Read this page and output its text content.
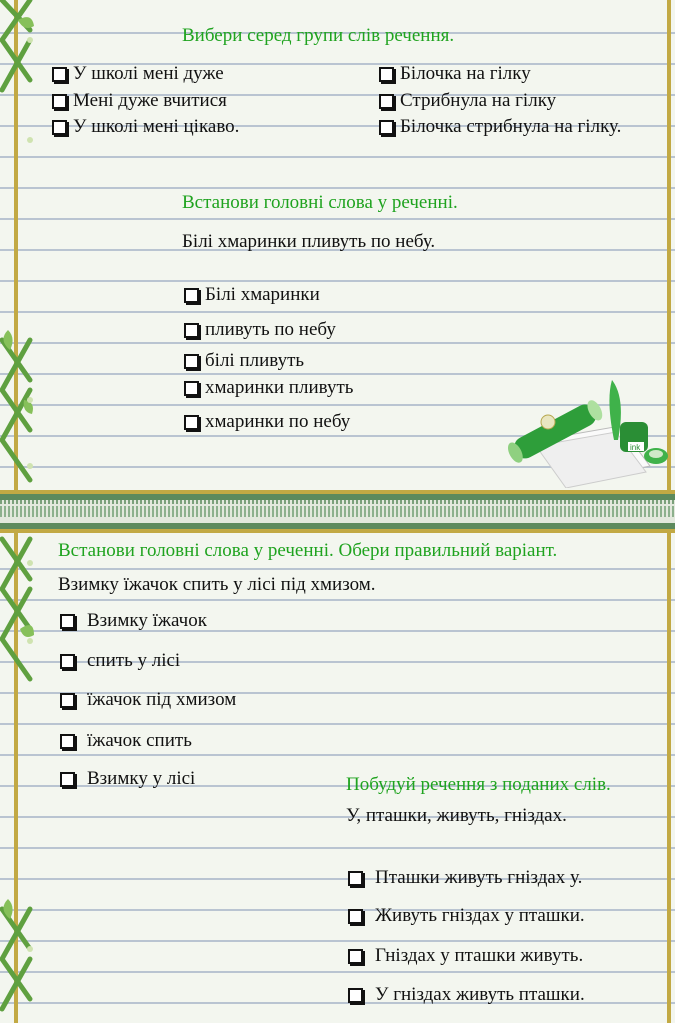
Вибери серед групи слів речення.
У школі мені дуже
Мені дуже вчитися
У школі мені цікаво.
Білочка на гілку
Стрибнула на гілку
Білочка стрибнула на гілку.
Встанови головні слова у реченні.
Білі хмаринки пливуть по небу.
Білі хмаринки
пливуть по небу
білі пливуть
хмаринки пливуть
хмаринки по небу
ink
Встанови головні слова у реченні. Обери правильний варіант.
Взимку їжачок спить у лісі під хмизом.
Взимку їжачок
спить у лісі
їжачок під хмизом
їжачок спить
Взимку у лісі	Побудуй речення з поданих слів.
У, пташки, живуть, гніздах.
Пташки живуть гніздах у.
Живуть гніздах у пташки.
Гніздах у пташки живуть.
У гніздах живуть пташки.
